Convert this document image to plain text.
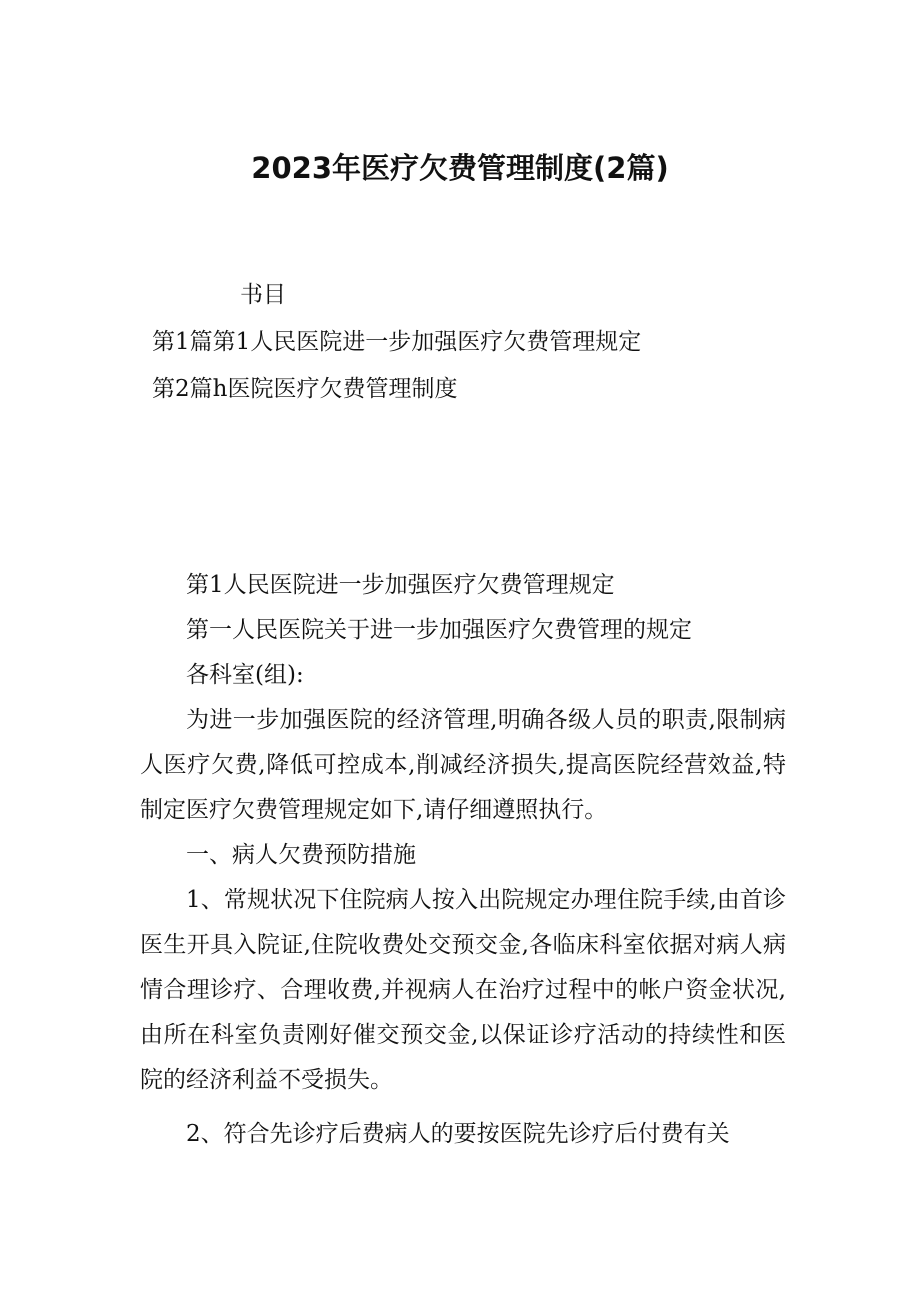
2023年医疗欠费管理制度(2篇)
书目
第1篇第1人民医院进一步加强医疗欠费管理规定
第2篇h医院医疗欠费管理制度

第1人民医院进一步加强医疗欠费管理规定

第一人民医院关于进一步加强医疗欠费管理的规定

各科室(组):

为进一步加强医院的经济管理,明确各级人员的职责,限制病人医疗欠费,降低可控成本,削减经济损失,提高医院经营效益,特制定医疗欠费管理规定如下,请仔细遵照执行。

一、病人欠费预防措施

1、常规状况下住院病人按入出院规定办理住院手续,由首诊医生开具入院证,住院收费处交预交金,各临床科室依据对病人病情合理诊疗、合理收费,并视病人在治疗过程中的帐户资金状况,由所在科室负责刚好催交预交金,以保证诊疗活动的持续性和医院的经济利益不受损失。

2、符合先诊疗后费病人的要按医院先诊疗后付费有关
